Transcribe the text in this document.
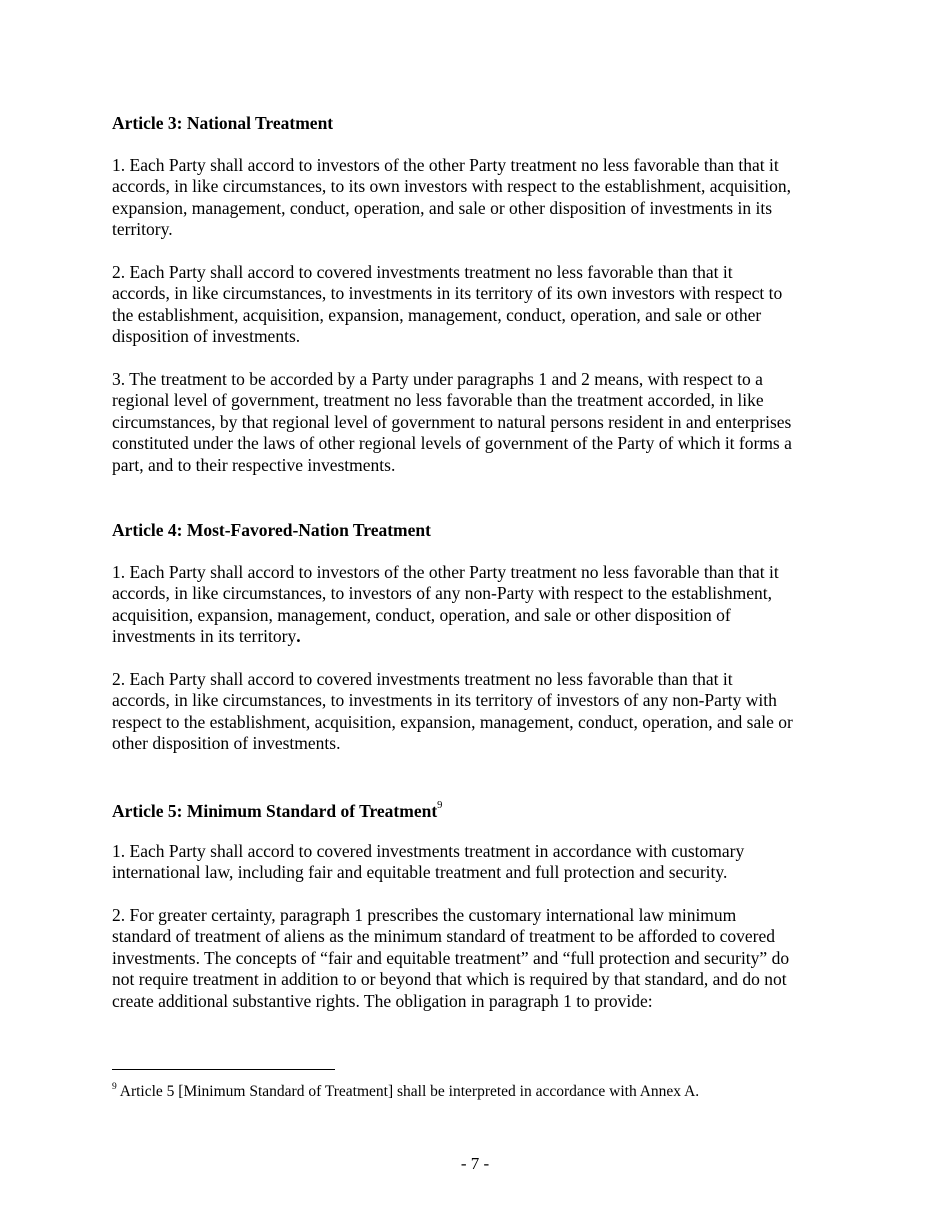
Article 3: National Treatment
1. Each Party shall accord to investors of the other Party treatment no less favorable than that it
accords, in like circumstances, to its own investors with respect to the establishment, acquisition,
expansion, management, conduct, operation, and sale or other disposition of investments in its
territory.
2. Each Party shall accord to covered investments treatment no less favorable than that it
accords, in like circumstances, to investments in its territory of its own investors with respect to
the establishment, acquisition, expansion, management, conduct, operation, and sale or other
disposition of investments.
3. The treatment to be accorded by a Party under paragraphs 1 and 2 means, with respect to a
regional level of government, treatment no less favorable than the treatment accorded, in like
circumstances, by that regional level of government to natural persons resident in and enterprises
constituted under the laws of other regional levels of government of the Party of which it forms a
part, and to their respective investments.
Article 4: Most-Favored-Nation Treatment
1. Each Party shall accord to investors of the other Party treatment no less favorable than that it
accords, in like circumstances, to investors of any non-Party with respect to the establishment,
acquisition, expansion, management, conduct, operation, and sale or other disposition of
investments in its territory.
2. Each Party shall accord to covered investments treatment no less favorable than that it
accords, in like circumstances, to investments in its territory of investors of any non-Party with
respect to the establishment, acquisition, expansion, management, conduct, operation, and sale or
other disposition of investments.
Article 5: Minimum Standard of Treatment$^9$
1. Each Party shall accord to covered investments treatment in accordance with customary
international law, including fair and equitable treatment and full protection and security.
2. For greater certainty, paragraph 1 prescribes the customary international law minimum
standard of treatment of aliens as the minimum standard of treatment to be afforded to covered
investments. The concepts of “fair and equitable treatment” and “full protection and security” do
not require treatment in addition to or beyond that which is required by that standard, and do not
create additional substantive rights. The obligation in paragraph 1 to provide:
$^9$ Article 5 [Minimum Standard of Treatment] shall be interpreted in accordance with Annex A.
- 7 -
